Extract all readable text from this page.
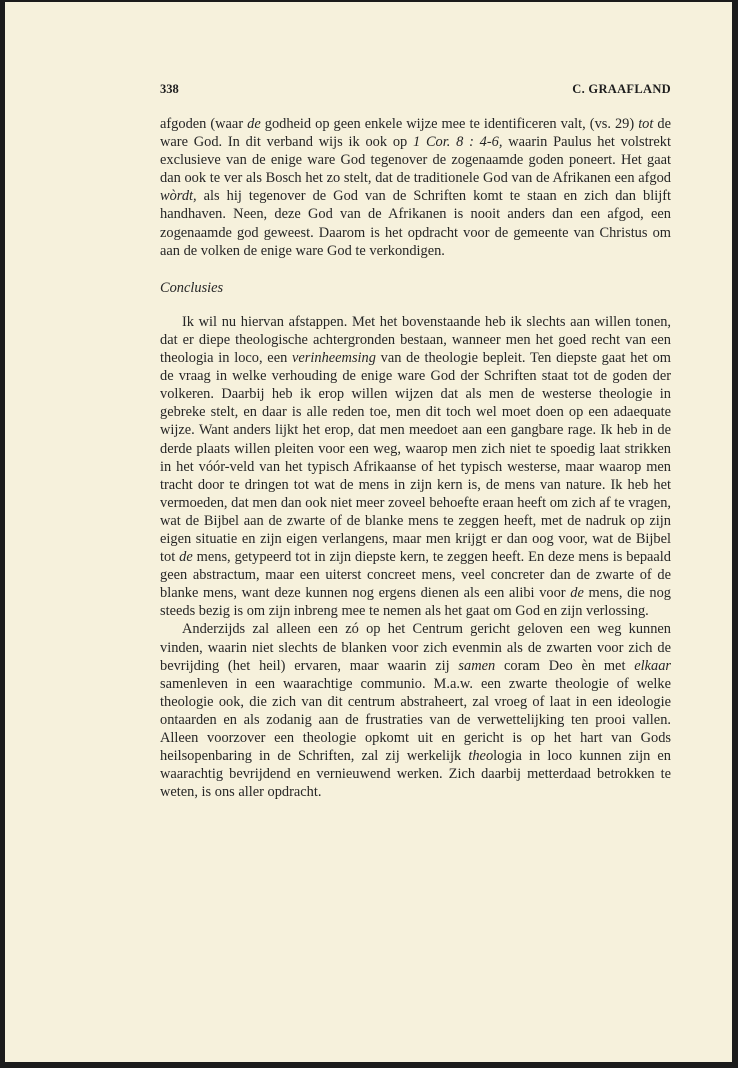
338	C. GRAAFLAND

afgoden (waar de godheid op geen enkele wijze mee te identificeren valt, (vs. 29) tot de ware God. In dit verband wijs ik ook op 1 Cor. 8 : 4-6, waarin Paulus het volstrekt exclusieve van de enige ware God tegenover de zogenaamde goden poneert. Het gaat dan ook te ver als Bosch het zo stelt, dat de traditionele God van de Afrikanen een afgod wòrdt, als hij tegenover de God van de Schriften komt te staan en zich dan blijft handhaven. Neen, deze God van de Afrikanen is nooit anders dan een afgod, een zogenaamde god geweest. Daarom is het opdracht voor de gemeente van Christus om aan de volken de enige ware God te verkondigen.

Conclusies

Ik wil nu hiervan afstappen. Met het bovenstaande heb ik slechts aan willen tonen, dat er diepe theologische achtergronden bestaan, wanneer men het goed recht van een theologia in loco, een verinheemsing van de theologie bepleit. Ten diepste gaat het om de vraag in welke verhouding de enige ware God der Schriften staat tot de goden der volkeren. Daarbij heb ik erop willen wijzen dat als men de westerse theologie in gebreke stelt, en daar is alle reden toe, men dit toch wel moet doen op een adaequate wijze. Want anders lijkt het erop, dat men meedoet aan een gangbare rage. Ik heb in de derde plaats willen pleiten voor een weg, waarop men zich niet te spoedig laat strikken in het vóór-veld van het typisch Afrikaanse of het typisch westerse, maar waarop men tracht door te dringen tot wat de mens in zijn kern is, de mens van nature. Ik heb het vermoeden, dat men dan ook niet meer zoveel behoefte eraan heeft om zich af te vragen, wat de Bijbel aan de zwarte of de blanke mens te zeggen heeft, met de nadruk op zijn eigen situatie en zijn eigen verlangens, maar men krijgt er dan oog voor, wat de Bijbel tot de mens, getypeerd tot in zijn diepste kern, te zeggen heeft. En deze mens is bepaald geen abstractum, maar een uiterst concreet mens, veel concreter dan de zwarte of de blanke mens, want deze kunnen nog ergens dienen als een alibi voor de mens, die nog steeds bezig is om zijn inbreng mee te nemen als het gaat om God en zijn verlossing.

Anderzijds zal alleen een zó op het Centrum gericht geloven een weg kunnen vinden, waarin niet slechts de blanken voor zich evenmin als de zwarten voor zich de bevrijding (het heil) ervaren, maar waarin zij samen coram Deo èn met elkaar samenleven in een waarachtige communio. M.a.w. een zwarte theologie of welke theologie ook, die zich van dit centrum abstraheert, zal vroeg of laat in een ideologie ontaarden en als zodanig aan de frustraties van de verwettelijking ten prooi vallen. Alleen voorzover een theologie opkomt uit en gericht is op het hart van Gods heilsopenbaring in de Schriften, zal zij werkelijk theologia in loco kunnen zijn en waarachtig bevrijdend en vernieuwend werken. Zich daarbij metterdaad betrokken te weten, is ons aller opdracht.
